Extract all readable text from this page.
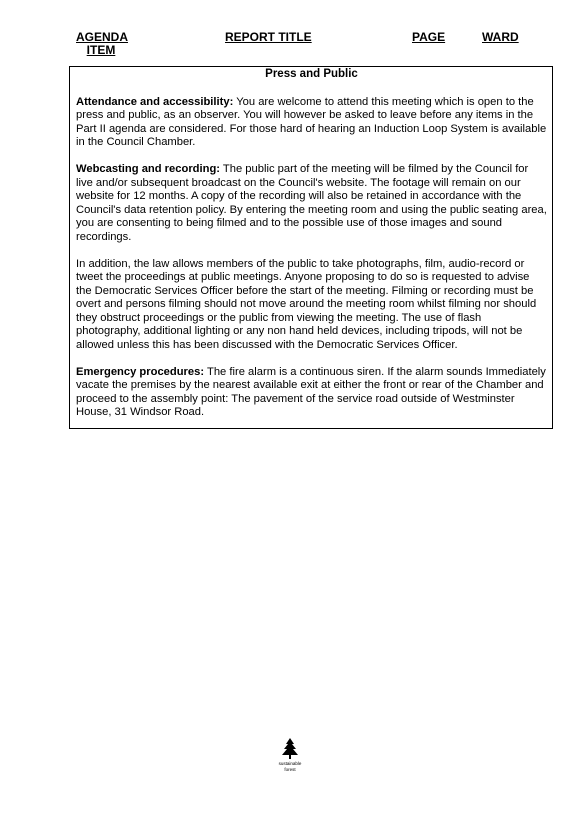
AGENDA
ITEM
REPORT TITLE	PAGE	WARD
Press and Public

Attendance and accessibility: You are welcome to attend this meeting which is open to the press and public, as an observer. You will however be asked to leave before any items in the Part II agenda are considered. For those hard of hearing an Induction Loop System is available in the Council Chamber.

Webcasting and recording: The public part of the meeting will be filmed by the Council for live and/or subsequent broadcast on the Council's website. The footage will remain on our website for 12 months. A copy of the recording will also be retained in accordance with the Council's data retention policy. By entering the meeting room and using the public seating area, you are consenting to being filmed and to the possible use of those images and sound recordings.

In addition, the law allows members of the public to take photographs, film, audio-record or tweet the proceedings at public meetings. Anyone proposing to do so is requested to advise the Democratic Services Officer before the start of the meeting. Filming or recording must be overt and persons filming should not move around the meeting room whilst filming nor should they obstruct proceedings or the public from viewing the meeting. The use of flash photography, additional lighting or any non hand held devices, including tripods, will not be allowed unless this has been discussed with the Democratic Services Officer.

Emergency procedures: The fire alarm is a continuous siren. If the alarm sounds Immediately vacate the premises by the nearest available exit at either the front or rear of the Chamber and proceed to the assembly point: The pavement of the service road outside of Westminster House, 31 Windsor Road.

sustainable
forest
